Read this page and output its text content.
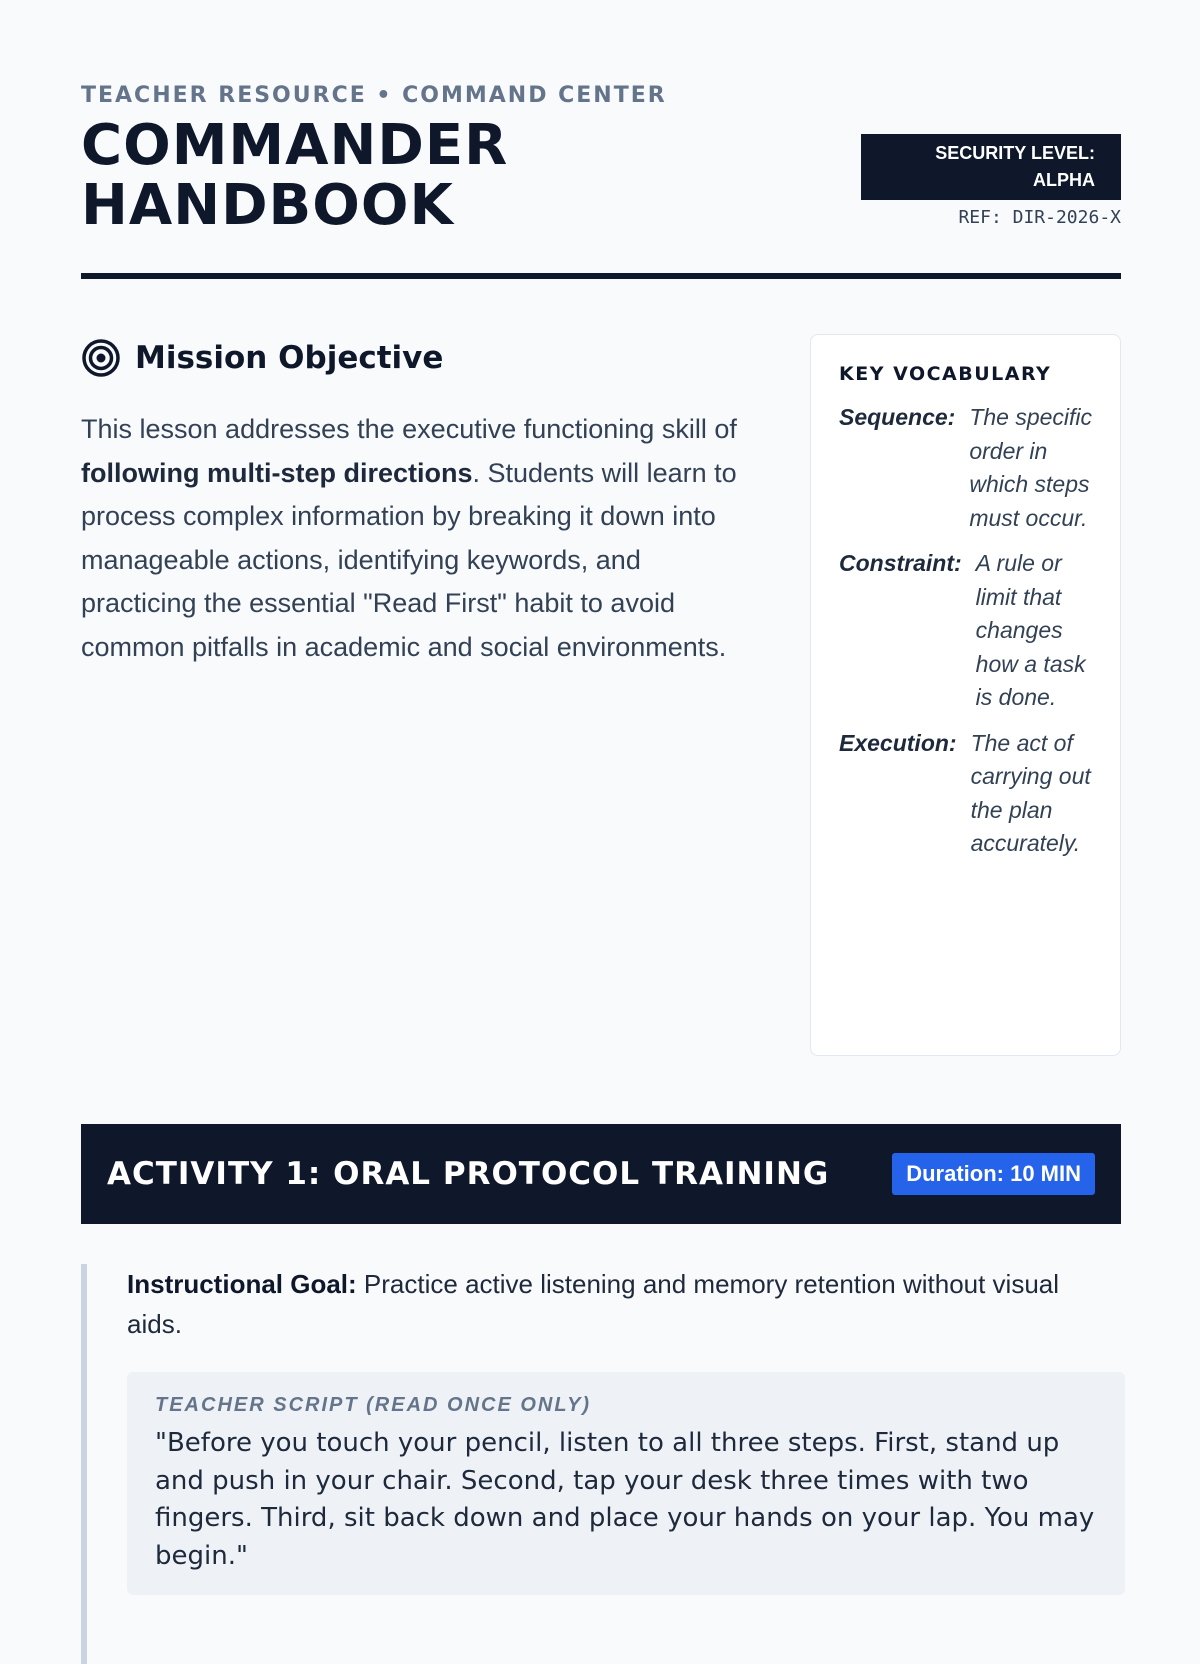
TEACHER RESOURCE • COMMAND CENTER
COMMANDER
HANDBOOK
SECURITY LEVEL:
ALPHA
REF: DIR-2026-X
Mission Objective

This lesson addresses the executive functioning skill of following multi-step directions. Students will learn to process complex information by breaking it down into manageable actions, identifying keywords, and practicing the essential "Read First" habit to avoid common pitfalls in academic and social environments.

KEY VOCABULARY
Sequence: The specific order in which steps must occur.
Constraint: A rule or limit that changes how a task is done.
Execution: The act of carrying out the plan accurately.
ACTIVITY 1: ORAL PROTOCOL TRAINING	Duration: 10 MIN

Instructional Goal: Practice active listening and memory retention without visual aids.

TEACHER SCRIPT (READ ONCE ONLY)

"Before you touch your pencil, listen to all three steps. First, stand up and push in your chair. Second, tap your desk three times with two fingers. Third, sit back down and place your hands on your lap. You may begin."
